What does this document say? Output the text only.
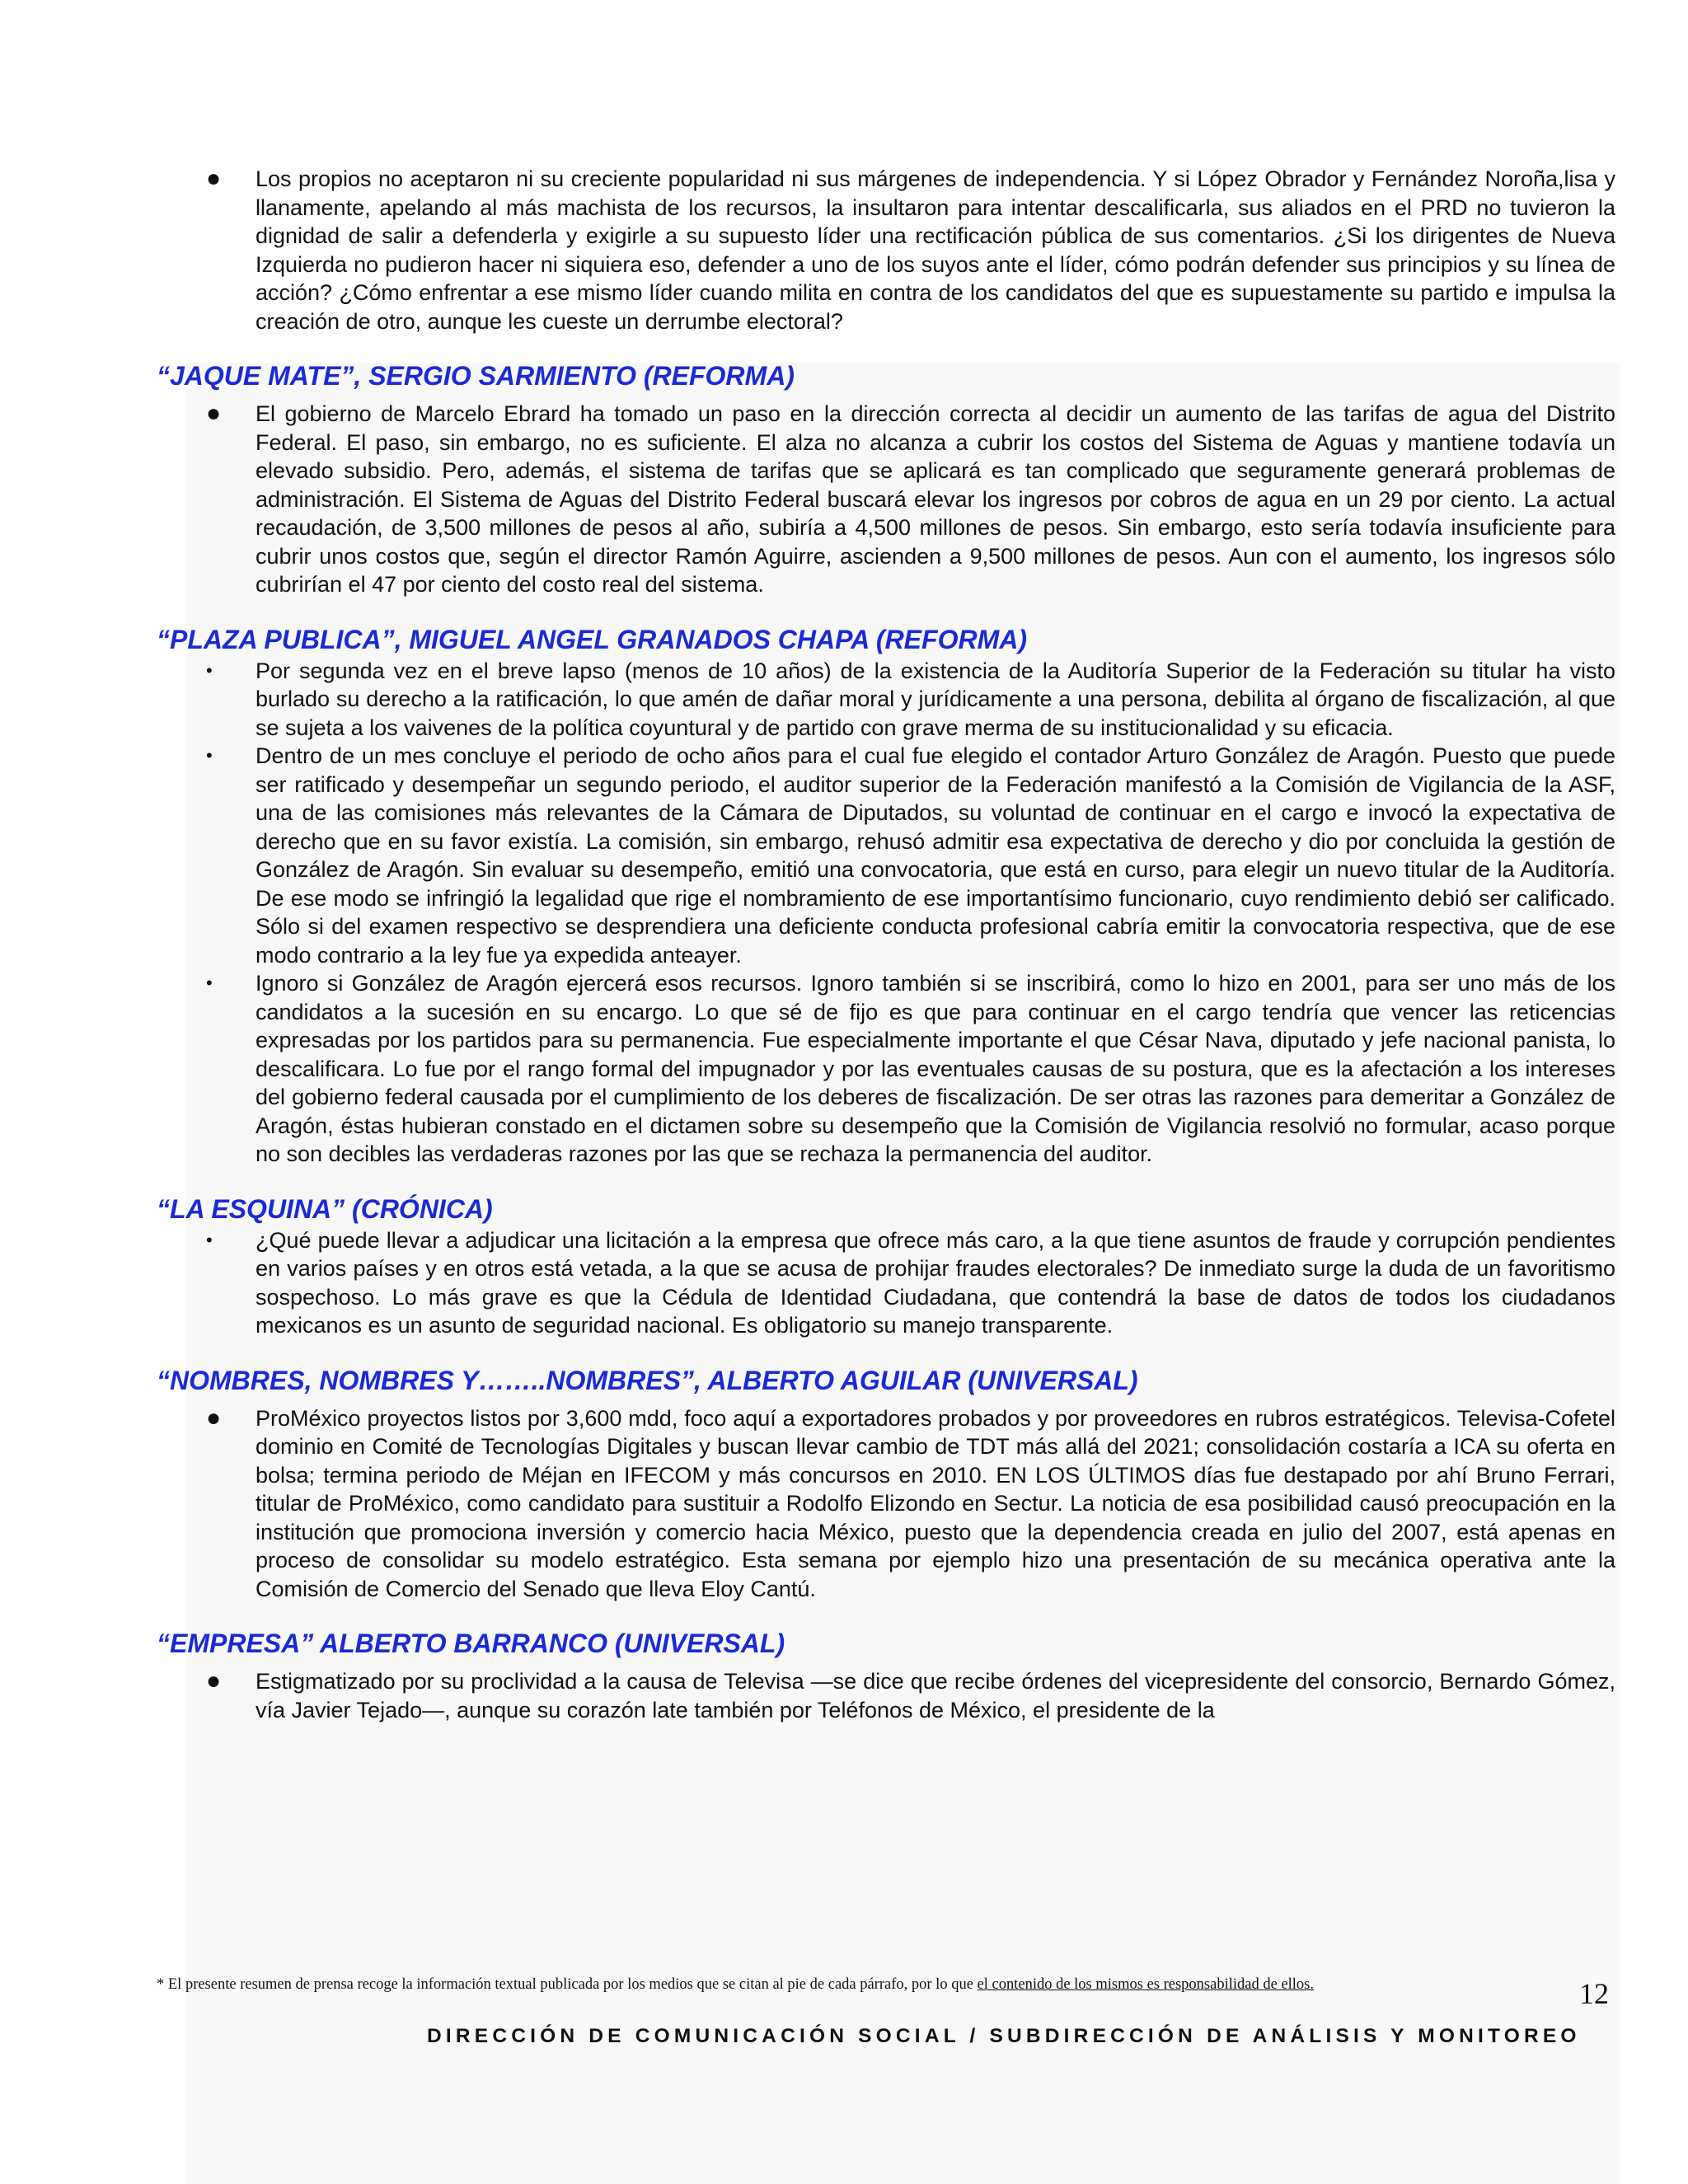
● Los propios no aceptaron ni su creciente popularidad ni sus márgenes de independencia. Y si López Obrador y Fernández Noroña,lisa y llanamente, apelando al más machista de los recursos, la insultaron para intentar descalificarla, sus aliados en el PRD no tuvieron la dignidad de salir a defenderla y exigirle a su supuesto líder una rectificación pública de sus comentarios. ¿Si los dirigentes de Nueva Izquierda no pudieron hacer ni siquiera eso, defender a uno de los suyos ante el líder, cómo podrán defender sus principios y su línea de acción? ¿Cómo enfrentar a ese mismo líder cuando milita en contra de los candidatos del que es supuestamente su partido e impulsa la creación de otro, aunque les cueste un derrumbe electoral?
“JAQUE MATE”, SERGIO SARMIENTO (REFORMA)
● El gobierno de Marcelo Ebrard ha tomado un paso en la dirección correcta al decidir un aumento de las tarifas de agua del Distrito Federal. El paso, sin embargo, no es suficiente. El alza no alcanza a cubrir los costos del Sistema de Aguas y mantiene todavía un elevado subsidio. Pero, además, el sistema de tarifas que se aplicará es tan complicado que seguramente generará problemas de administración. El Sistema de Aguas del Distrito Federal buscará elevar los ingresos por cobros de agua en un 29 por ciento. La actual recaudación, de 3,500 millones de pesos al año, subiría a 4,500 millones de pesos. Sin embargo, esto sería todavía insuficiente para cubrir unos costos que, según el director Ramón Aguirre, ascienden a 9,500 millones de pesos. Aun con el aumento, los ingresos sólo cubrirían el 47 por ciento del costo real del sistema.
“PLAZA PUBLICA”, MIGUEL ANGEL GRANADOS CHAPA (REFORMA)
• Por segunda vez en el breve lapso (menos de 10 años) de la existencia de la Auditoría Superior de la Federación su titular ha visto burlado su derecho a la ratificación, lo que amén de dañar moral y jurídicamente a una persona, debilita al órgano de fiscalización, al que se sujeta a los vaivenes de la política coyuntural y de partido con grave merma de su institucionalidad y su eficacia.
• Dentro de un mes concluye el periodo de ocho años para el cual fue elegido el contador Arturo González de Aragón. Puesto que puede ser ratificado y desempeñar un segundo periodo, el auditor superior de la Federación manifestó a la Comisión de Vigilancia de la ASF, una de las comisiones más relevantes de la Cámara de Diputados, su voluntad de continuar en el cargo e invocó la expectativa de derecho que en su favor existía. La comisión, sin embargo, rehusó admitir esa expectativa de derecho y dio por concluida la gestión de González de Aragón. Sin evaluar su desempeño, emitió una convocatoria, que está en curso, para elegir un nuevo titular de la Auditoría. De ese modo se infringió la legalidad que rige el nombramiento de ese importantísimo funcionario, cuyo rendimiento debió ser calificado. Sólo si del examen respectivo se desprendiera una deficiente conducta profesional cabría emitir la convocatoria respectiva, que de ese modo contrario a la ley fue ya expedida anteayer.
• Ignoro si González de Aragón ejercerá esos recursos. Ignoro también si se inscribirá, como lo hizo en 2001, para ser uno más de los candidatos a la sucesión en su encargo. Lo que sé de fijo es que para continuar en el cargo tendría que vencer las reticencias expresadas por los partidos para su permanencia. Fue especialmente importante el que César Nava, diputado y jefe nacional panista, lo descalificara. Lo fue por el rango formal del impugnador y por las eventuales causas de su postura, que es la afectación a los intereses del gobierno federal causada por el cumplimiento de los deberes de fiscalización. De ser otras las razones para demeritar a González de Aragón, éstas hubieran constado en el dictamen sobre su desempeño que la Comisión de Vigilancia resolvió no formular, acaso porque no son decibles las verdaderas razones por las que se rechaza la permanencia del auditor.
“LA ESQUINA” (CRÓNICA)
• ¿Qué puede llevar a adjudicar una licitación a la empresa que ofrece más caro, a la que tiene asuntos de fraude y corrupción pendientes en varios países y en otros está vetada, a la que se acusa de prohijar fraudes electorales? De inmediato surge la duda de un favoritismo sospechoso. Lo más grave es que la Cédula de Identidad Ciudadana, que contendrá la base de datos de todos los ciudadanos mexicanos es un asunto de seguridad nacional. Es obligatorio su manejo transparente.
“NOMBRES, NOMBRES Y……..NOMBRES”, ALBERTO AGUILAR (UNIVERSAL)
● ProMéxico proyectos listos por 3,600 mdd, foco aquí a exportadores probados y por proveedores en rubros estratégicos. Televisa-Cofetel dominio en Comité de Tecnologías Digitales y buscan llevar cambio de TDT más allá del 2021; consolidación costaría a ICA su oferta en bolsa; termina periodo de Méjan en IFECOM y más concursos en 2010. EN LOS ÚLTIMOS días fue destapado por ahí Bruno Ferrari, titular de ProMéxico, como candidato para sustituir a Rodolfo Elizondo en Sectur. La noticia de esa posibilidad causó preocupación en la institución que promociona inversión y comercio hacia México, puesto que la dependencia creada en julio del 2007, está apenas en proceso de consolidar su modelo estratégico. Esta semana por ejemplo hizo una presentación de su mecánica operativa ante la Comisión de Comercio del Senado que lleva Eloy Cantú.
“EMPRESA” ALBERTO BARRANCO (UNIVERSAL)
● Estigmatizado por su proclividad a la causa de Televisa —se dice que recibe órdenes del vicepresidente del consorcio, Bernardo Gómez, vía Javier Tejado—, aunque su corazón late también por Teléfonos de México, el presidente de la
* El presente resumen de prensa recoge la información textual publicada por los medios que se citan al pie de cada párrafo, por lo que el contenido de los mismos es responsabilidad de ellos.	12
DIRECCIÓN DE COMUNICACIÓN SOCIAL / SUBDIRECCIÓN DE ANÁLISIS Y MONITOREO
